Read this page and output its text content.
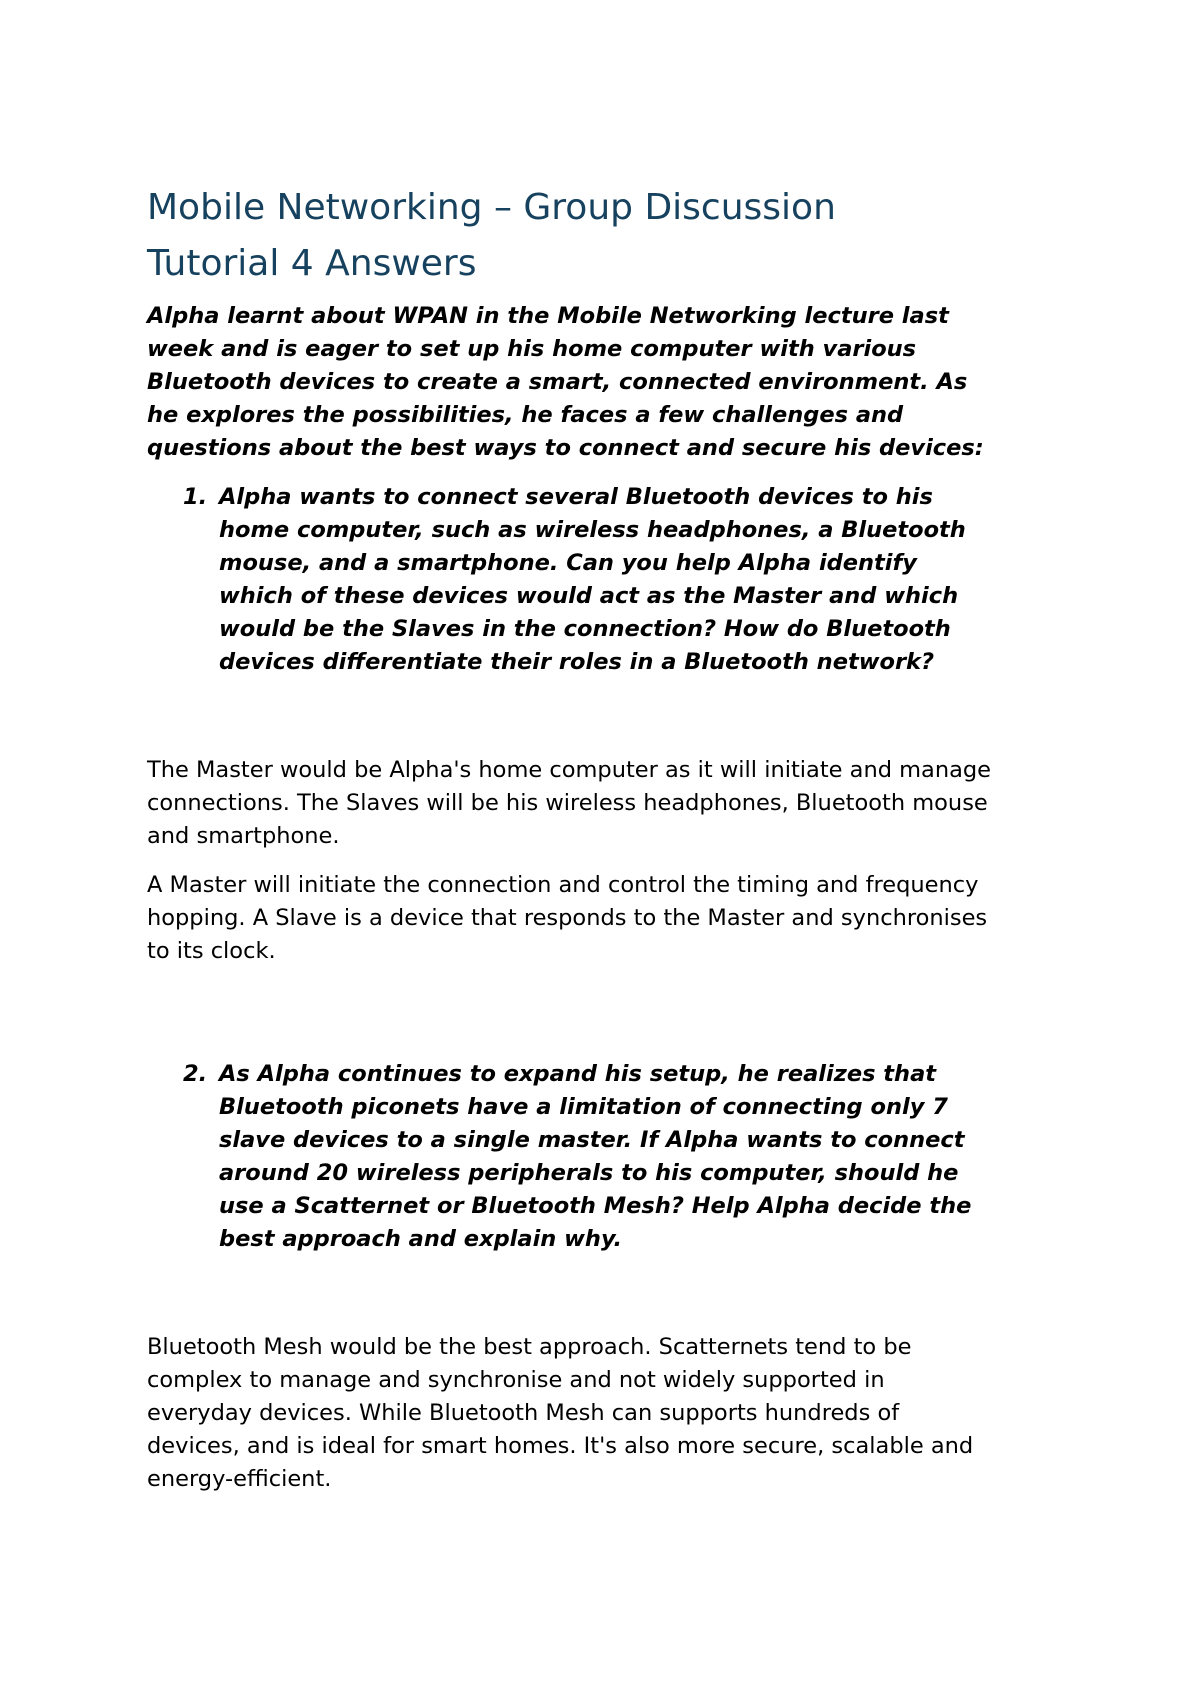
Mobile Networking – Group Discussion
Tutorial 4 Answers
Alpha learnt about WPAN in the Mobile Networking lecture last
week and is eager to set up his home computer with various
Bluetooth devices to create a smart, connected environment. As
he explores the possibilities, he faces a few challenges and
questions about the best ways to connect and secure his devices:
1. Alpha wants to connect several Bluetooth devices to his
home computer, such as wireless headphones, a Bluetooth
mouse, and a smartphone. Can you help Alpha identify
which of these devices would act as the Master and which
would be the Slaves in the connection? How do Bluetooth
devices differentiate their roles in a Bluetooth network?
The Master would be Alpha's home computer as it will initiate and manage
connections. The Slaves will be his wireless headphones, Bluetooth mouse
and smartphone.
A Master will initiate the connection and control the timing and frequency
hopping. A Slave is a device that responds to the Master and synchronises
to its clock.
2. As Alpha continues to expand his setup, he realizes that
Bluetooth piconets have a limitation of connecting only 7
slave devices to a single master. If Alpha wants to connect
around 20 wireless peripherals to his computer, should he
use a Scatternet or Bluetooth Mesh? Help Alpha decide the
best approach and explain why.
Bluetooth Mesh would be the best approach. Scatternets tend to be
complex to manage and synchronise and not widely supported in
everyday devices. While Bluetooth Mesh can supports hundreds of
devices, and is ideal for smart homes. It's also more secure, scalable and
energy-efficient.
